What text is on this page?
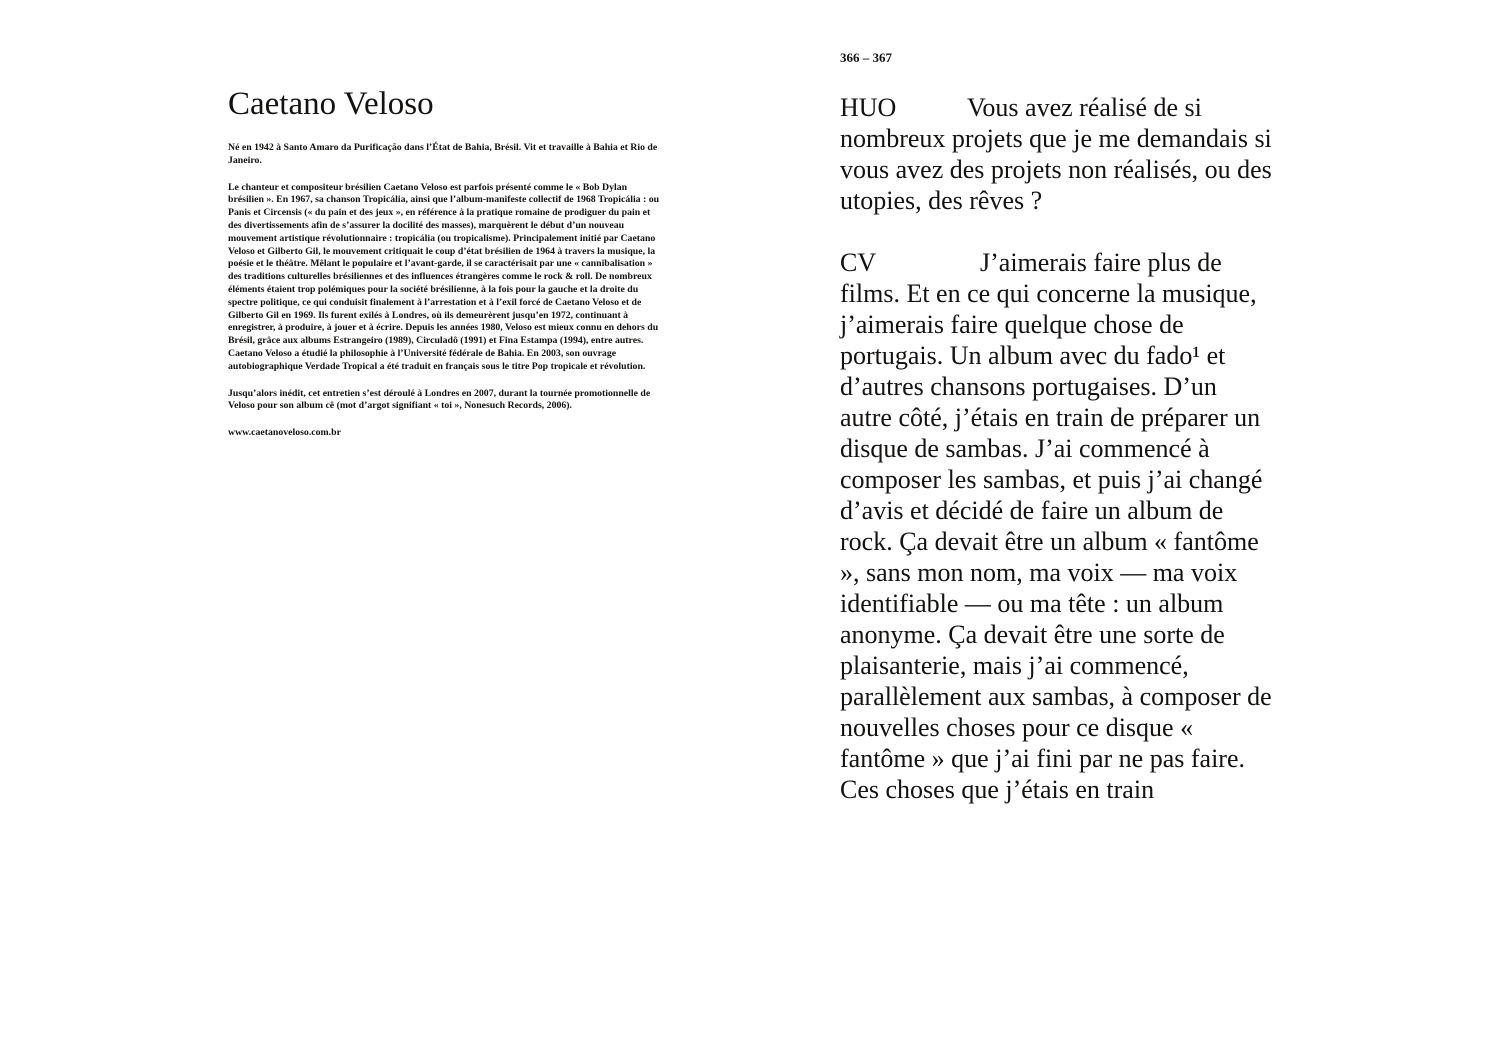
Caetano Veloso

Né en 1942 à Santo Amaro da Purificação dans l’État de Bahia, Brésil. Vit et travaille à Bahia et Rio de Janeiro.

Le chanteur et compositeur brésilien Caetano Veloso est parfois présenté comme le « Bob Dylan brésilien ». En 1967, sa chanson Tropicália, ainsi que l’album-manifeste collectif de 1968 Tropicália : ou Panis et Circensis (« du pain et des jeux », en référence à la pratique romaine de prodiguer du pain et des divertissements afin de s’assurer la docilité des masses), marquèrent le début d’un nouveau mouvement artistique révolutionnaire : tropicália (ou tropicalisme). Principalement initié par Caetano Veloso et Gilberto Gil, le mouvement critiquait le coup d’état brésilien de 1964 à travers la musique, la poésie et le théâtre. Mêlant le populaire et l’avant-garde, il se caractérisait par une « cannibalisation » des traditions culturelles brésiliennes et des influences étrangères comme le rock & roll. De nombreux éléments étaient trop polémiques pour la société brésilienne, à la fois pour la gauche et la droite du spectre politique, ce qui conduisit finalement à l’arrestation et à l’exil forcé de Caetano Veloso et de Gilberto Gil en 1969. Ils furent exilés à Londres, où ils demeurèrent jusqu’en 1972, continuant à enregistrer, à produire, à jouer et à écrire. Depuis les années 1980, Veloso est mieux connu en dehors du Brésil, grâce aux albums Estrangeiro (1989), Circuladô (1991) et Fina Estampa (1994), entre autres. Caetano Veloso a étudié la philosophie à l’Université fédérale de Bahia. En 2003, son ouvrage autobiographique Verdade Tropical a été traduit en français sous le titre Pop tropicale et révolution.

Jusqu’alors inédit, cet entretien s’est déroulé à Londres en 2007, durant la tournée promotionnelle de Veloso pour son album cê (mot d’argot signifiant « toi », Nonesuch Records, 2006).

www.caetanoveloso.com.br
366 – 367

HUO	Vous avez réalisé de si nombreux projets que je me demandais si vous avez des projets non réalisés, ou des utopies, des rêves ?

CV	J’aimerais faire plus de films. Et en ce qui concerne la musique, j’aimerais faire quelque chose de portugais. Un album avec du fado¹ et d’autres chansons portugaises. D’un autre côté, j’étais en train de préparer un disque de sambas. J’ai commencé à composer les sambas, et puis j’ai changé d’avis et décidé de faire un album de rock. Ça devait être un album « fantôme », sans mon nom, ma voix — ma voix identifiable — ou ma tête : un album anonyme. Ça devait être une sorte de plaisanterie, mais j’ai commencé, parallèlement aux sambas, à composer de nouvelles choses pour ce disque « fantôme » que j’ai fini par ne pas faire. Ces choses que j’étais en train
